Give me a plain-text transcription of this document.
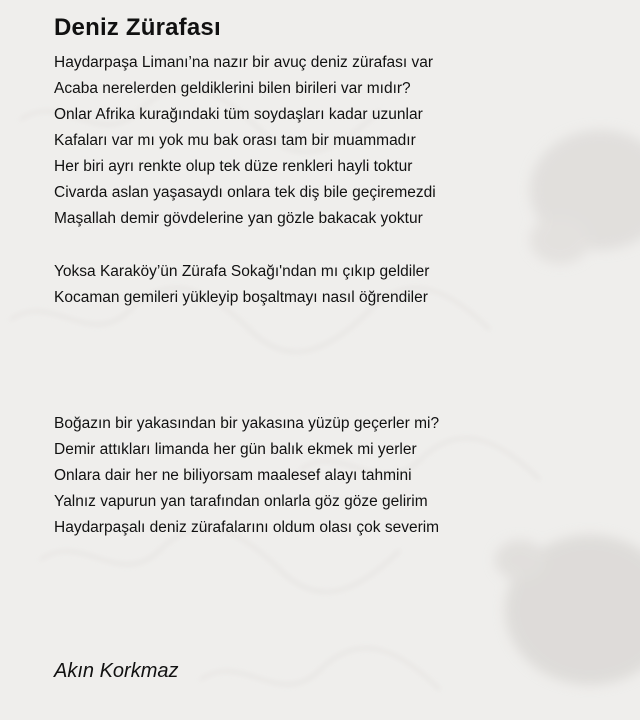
Deniz Zürafası
Haydarpaşa Limanı’na nazır bir avuç deniz zürafası var
Acaba nerelerden geldiklerini bilen birileri var mıdır?
Onlar Afrika kurağındaki tüm soydaşları kadar uzunlar
Kafaları var mı yok mu bak orası tam bir muammadır
Her biri ayrı renkte olup tek düze renkleri hayli toktur
Civarda aslan yaşasaydı onlara tek diş bile geçiremezdi
Maşallah demir gövdelerine yan gözle bakacak yoktur
Yoksa Karaköy’ün Zürafa Sokağı'ndan mı çıkıp geldiler
Kocaman gemileri yükleyip boşaltmayı nasıl öğrendiler
Boğazın bir yakasından bir yakasına yüzüp geçerler mi?
Demir attıkları limanda her gün balık ekmek mi yerler
Onlara dair her ne biliyorsam maalesef alayı tahmini
Yalnız vapurun yan tarafından onlarla göz göze gelirim
Haydarpaşalı deniz zürafalarını oldum olası çok severim
Akın Korkmaz
